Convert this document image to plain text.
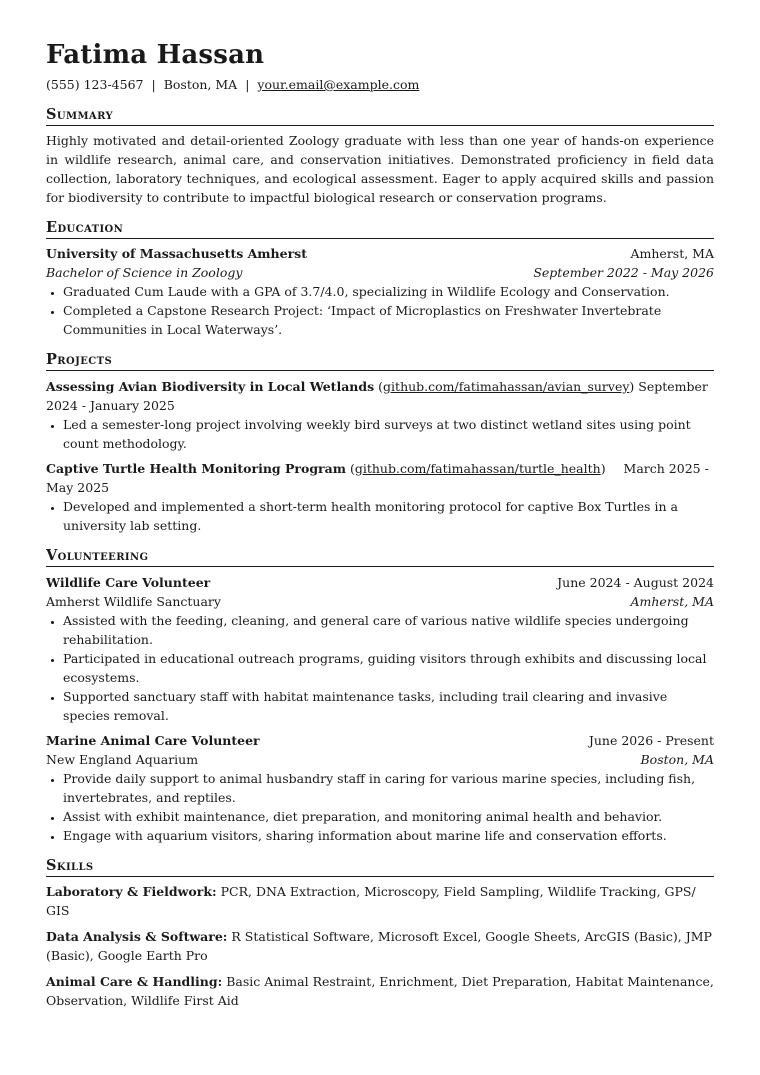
Fatima Hassan
(555) 123-4567 | Boston, MA | your.email@example.com
Summary
Highly motivated and detail-oriented Zoology graduate with less than one year of hands-on experience in wildlife research, animal care, and conservation initiatives. Demonstrated proficiency in field data collection, laboratory techniques, and ecological assessment. Eager to apply acquired skills and passion for biodiversity to contribute to impactful biological research or conservation programs.
Education
University of Massachusetts Amherst	Amherst, MA
Bachelor of Science in Zoology	September 2022 - May 2026
• Graduated Cum Laude with a GPA of 3.7/4.0, specializing in Wildlife Ecology and Conservation.
• Completed a Capstone Research Project: ‘Impact of Microplastics on Freshwater Invertebrate Communities in Local Waterways’.
Projects
Assessing Avian Biodiversity in Local Wetlands (github.com/fatimahassan/avian_survey) September 2024 - January 2025
• Led a semester-long project involving weekly bird surveys at two distinct wetland sites using point count methodology.
Captive Turtle Health Monitoring Program (github.com/fatimahassan/turtle_health) March 2025 - May 2025
• Developed and implemented a short-term health monitoring protocol for captive Box Turtles in a university lab setting.
Volunteering
Wildlife Care Volunteer	June 2024 - August 2024
Amherst Wildlife Sanctuary	Amherst, MA
• Assisted with the feeding, cleaning, and general care of various native wildlife species undergoing rehabilitation.
• Participated in educational outreach programs, guiding visitors through exhibits and discussing local ecosystems.
• Supported sanctuary staff with habitat maintenance tasks, including trail clearing and invasive species removal.
Marine Animal Care Volunteer	June 2026 - Present
New England Aquarium	Boston, MA
• Provide daily support to animal husbandry staff in caring for various marine species, including fish, invertebrates, and reptiles.
• Assist with exhibit maintenance, diet preparation, and monitoring animal health and behavior.
• Engage with aquarium visitors, sharing information about marine life and conservation efforts.
Skills
Laboratory & Fieldwork: PCR, DNA Extraction, Microscopy, Field Sampling, Wildlife Tracking, GPS/ GIS
Data Analysis & Software: R Statistical Software, Microsoft Excel, Google Sheets, ArcGIS (Basic), JMP (Basic), Google Earth Pro
Animal Care & Handling: Basic Animal Restraint, Enrichment, Diet Preparation, Habitat Maintenance, Observation, Wildlife First Aid
